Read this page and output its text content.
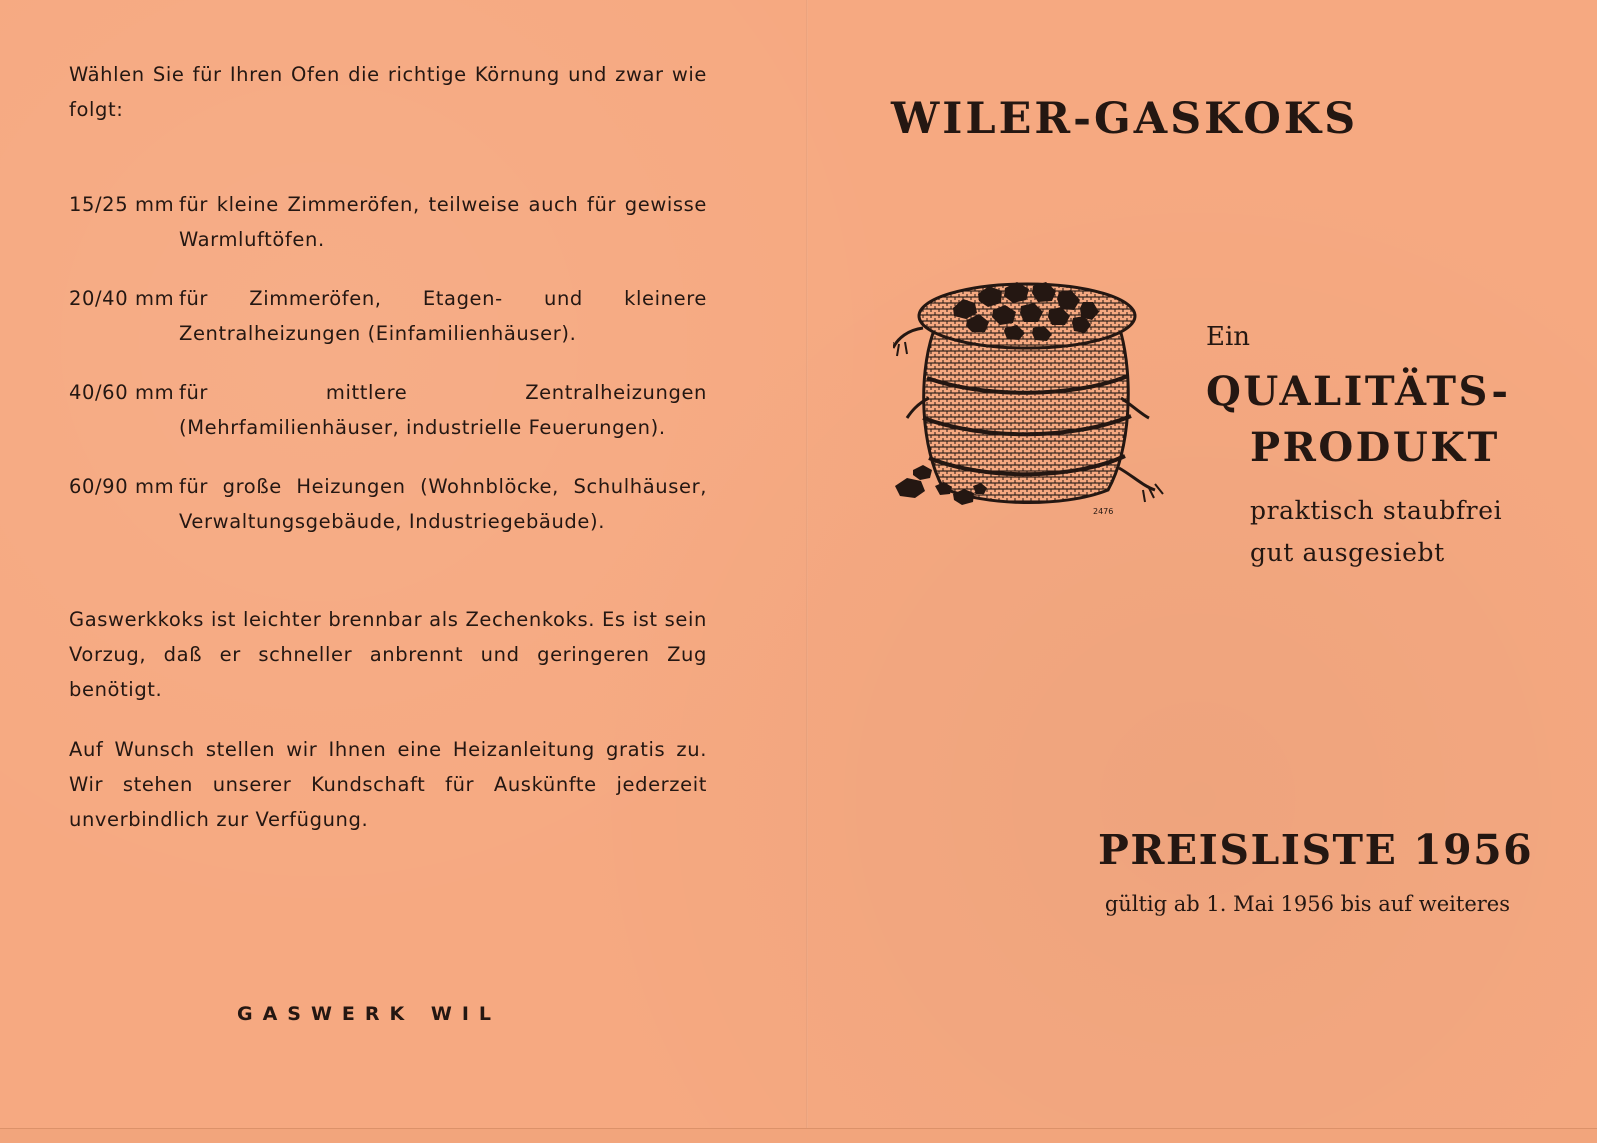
Wählen Sie für Ihren Ofen die richtige Körnung und zwar wie folgt:
15/25 mm für kleine Zimmeröfen, teilweise auch für gewisse Warmluftöfen.
20/40 mm für Zimmeröfen, Etagen- und kleinere Zentralheizungen (Einfamilienhäuser).
40/60 mm für mittlere Zentralheizungen (Mehrfamilienhäuser, industrielle Feuerungen).
60/90 mm für große Heizungen (Wohnblöcke, Schulhäuser, Verwaltungsgebäude, Industriegebäude).
Gaswerkkoks ist leichter brennbar als Zechenkoks. Es ist sein Vorzug, daß er schneller anbrennt und geringeren Zug benötigt.
Auf Wunsch stellen wir Ihnen eine Heizanleitung gratis zu. Wir stehen unserer Kundschaft für Auskünfte jederzeit unverbindlich zur Verfügung.
GASWERK WIL
WILER-GASKOKS
2476
Ein
QUALITÄTS-
PRODUKT
praktisch staubfrei
gut ausgesiebt
PREISLISTE 1956
gültig ab 1. Mai 1956 bis auf weiteres
